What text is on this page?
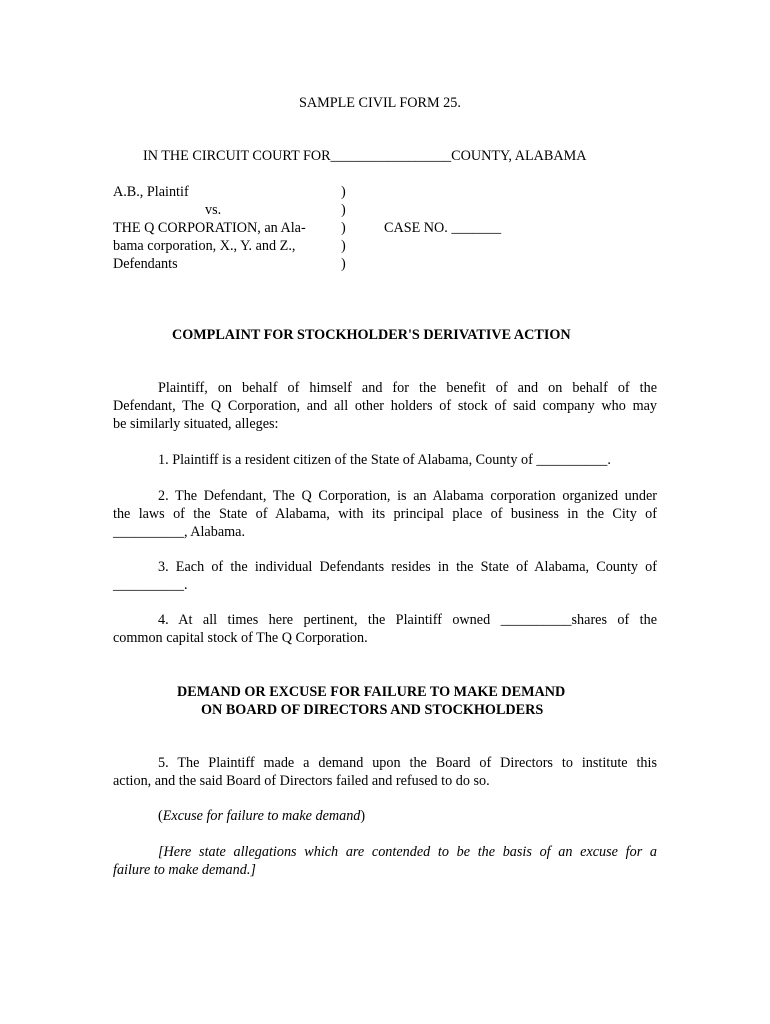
SAMPLE CIVIL FORM 25.
IN THE CIRCUIT COURT FOR_________________COUNTY, ALABAMA
A.B., Plaintif
vs.
THE Q CORPORATION, an Ala-
bama corporation, X., Y. and Z.,
Defendants
)
)
)
)
)
CASE NO. _______
COMPLAINT FOR STOCKHOLDER'S DERIVATIVE ACTION
Plaintiff, on behalf of himself and for the benefit of and on behalf of the
Defendant, The Q Corporation, and all other holders of stock of said company who may
be similarly situated, alleges:
1. Plaintiff is a resident citizen of the State of Alabama, County of __________.
2. The Defendant, The Q Corporation, is an Alabama corporation organized under
the laws of the State of Alabama, with its principal place of business in the City of
__________, Alabama.
3. Each of the individual Defendants resides in the State of Alabama, County of
__________.
4. At all times here pertinent, the Plaintiff owned __________shares of the
common capital stock of The Q Corporation.
DEMAND OR EXCUSE FOR FAILURE TO MAKE DEMAND
ON BOARD OF DIRECTORS AND STOCKHOLDERS
5. The Plaintiff made a demand upon the Board of Directors to institute this
action, and the said Board of Directors failed and refused to do so.
(Excuse for failure to make demand)
[Here state allegations which are contended to be the basis of an excuse for a
failure to make demand.]
